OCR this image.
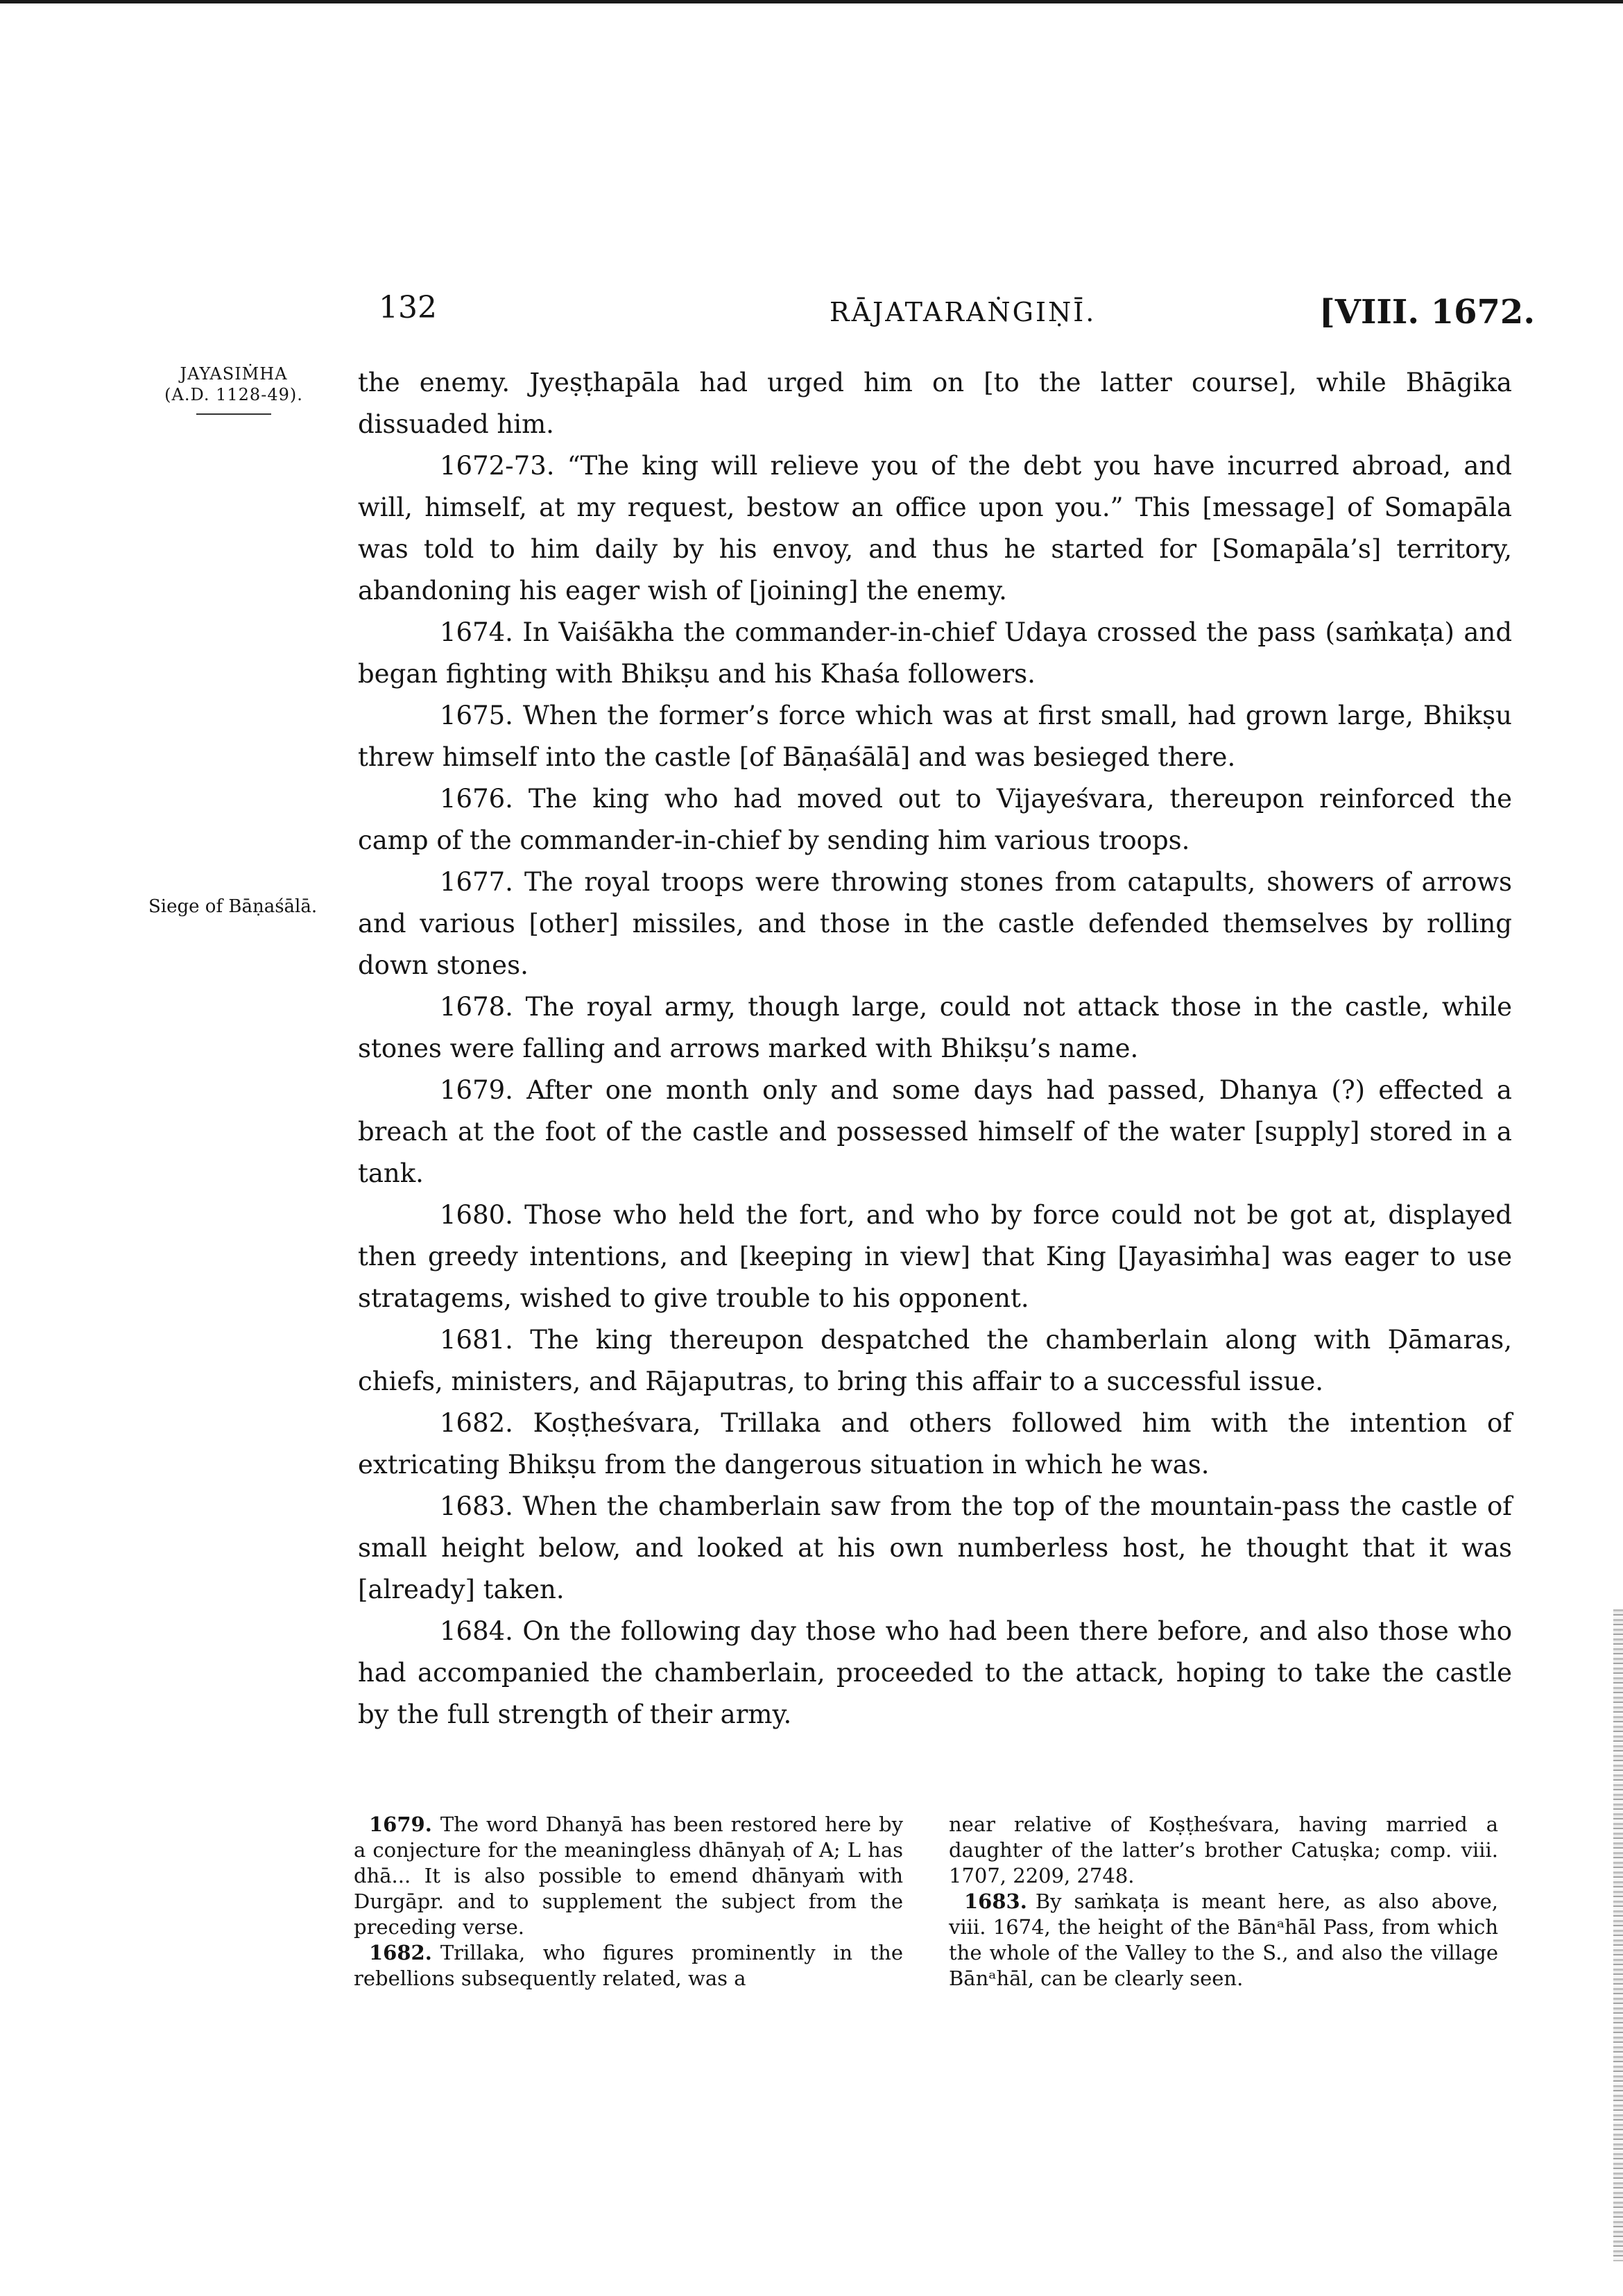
132	RĀJATARAṄGIṆĪ.	[VIII. 1672.
JAYASIṀHA
(A.D. 1128-49).
Siege of Bāṇaśālā.

the enemy. Jyeṣṭhapāla had urged him on [to the latter course], while Bhāgika dissuaded him.

1672-73. “The king will relieve you of the debt you have incurred abroad, and will, himself, at my request, bestow an office upon you.” This [message] of Somapāla was told to him daily by his envoy, and thus he started for [Somapāla’s] territory, abandoning his eager wish of [joining] the enemy.

1674. In Vaiśākha the commander-in-chief Udaya crossed the pass (saṁkaṭa) and began fighting with Bhikṣu and his Khaśa followers.

1675. When the former’s force which was at first small, had grown large, Bhikṣu threw himself into the castle [of Bāṇaśālā] and was besieged there.

1676. The king who had moved out to Vijayeśvara, thereupon reinforced the camp of the commander-in-chief by sending him various troops.

1677. The royal troops were throwing stones from catapults, showers of arrows and various [other] missiles, and those in the castle defended themselves by rolling down stones.

1678. The royal army, though large, could not attack those in the castle, while stones were falling and arrows marked with Bhikṣu’s name.

1679. After one month only and some days had passed, Dhanya (?) effected a breach at the foot of the castle and possessed himself of the water [supply] stored in a tank.

1680. Those who held the fort, and who by force could not be got at, displayed then greedy intentions, and [keeping in view] that King [Jayasiṁha] was eager to use stratagems, wished to give trouble to his opponent.

1681. The king thereupon despatched the chamberlain along with Ḍāmaras, chiefs, ministers, and Rājaputras, to bring this affair to a successful issue.

1682. Koṣṭheśvara, Trillaka and others followed him with the intention of extricating Bhikṣu from the dangerous situation in which he was.

1683. When the chamberlain saw from the top of the mountain-pass the castle of small height below, and looked at his own numberless host, he thought that it was [already] taken.

1684. On the following day those who had been there before, and also those who had accompanied the chamberlain, proceeded to the attack, hoping to take the castle by the full strength of their army.

1679. The word Dhanyā has been restored here by a conjecture for the meaningless dhānyaḥ of A; L has dhā... It is also possible to emend dhānyaṁ with Durgāpr. and to supplement the subject from the preceding verse.

1682. Trillaka, who figures prominently in the rebellions subsequently related, was a

near relative of Koṣṭheśvara, having married a daughter of the latter’s brother Catuṣka; comp. viii. 1707, 2209, 2748.

1683. By saṁkaṭa is meant here, as also above, viii. 1674, the height of the Bānᵃhāl Pass, from which the whole of the Valley to the S., and also the village Bānᵃhāl, can be clearly seen.
